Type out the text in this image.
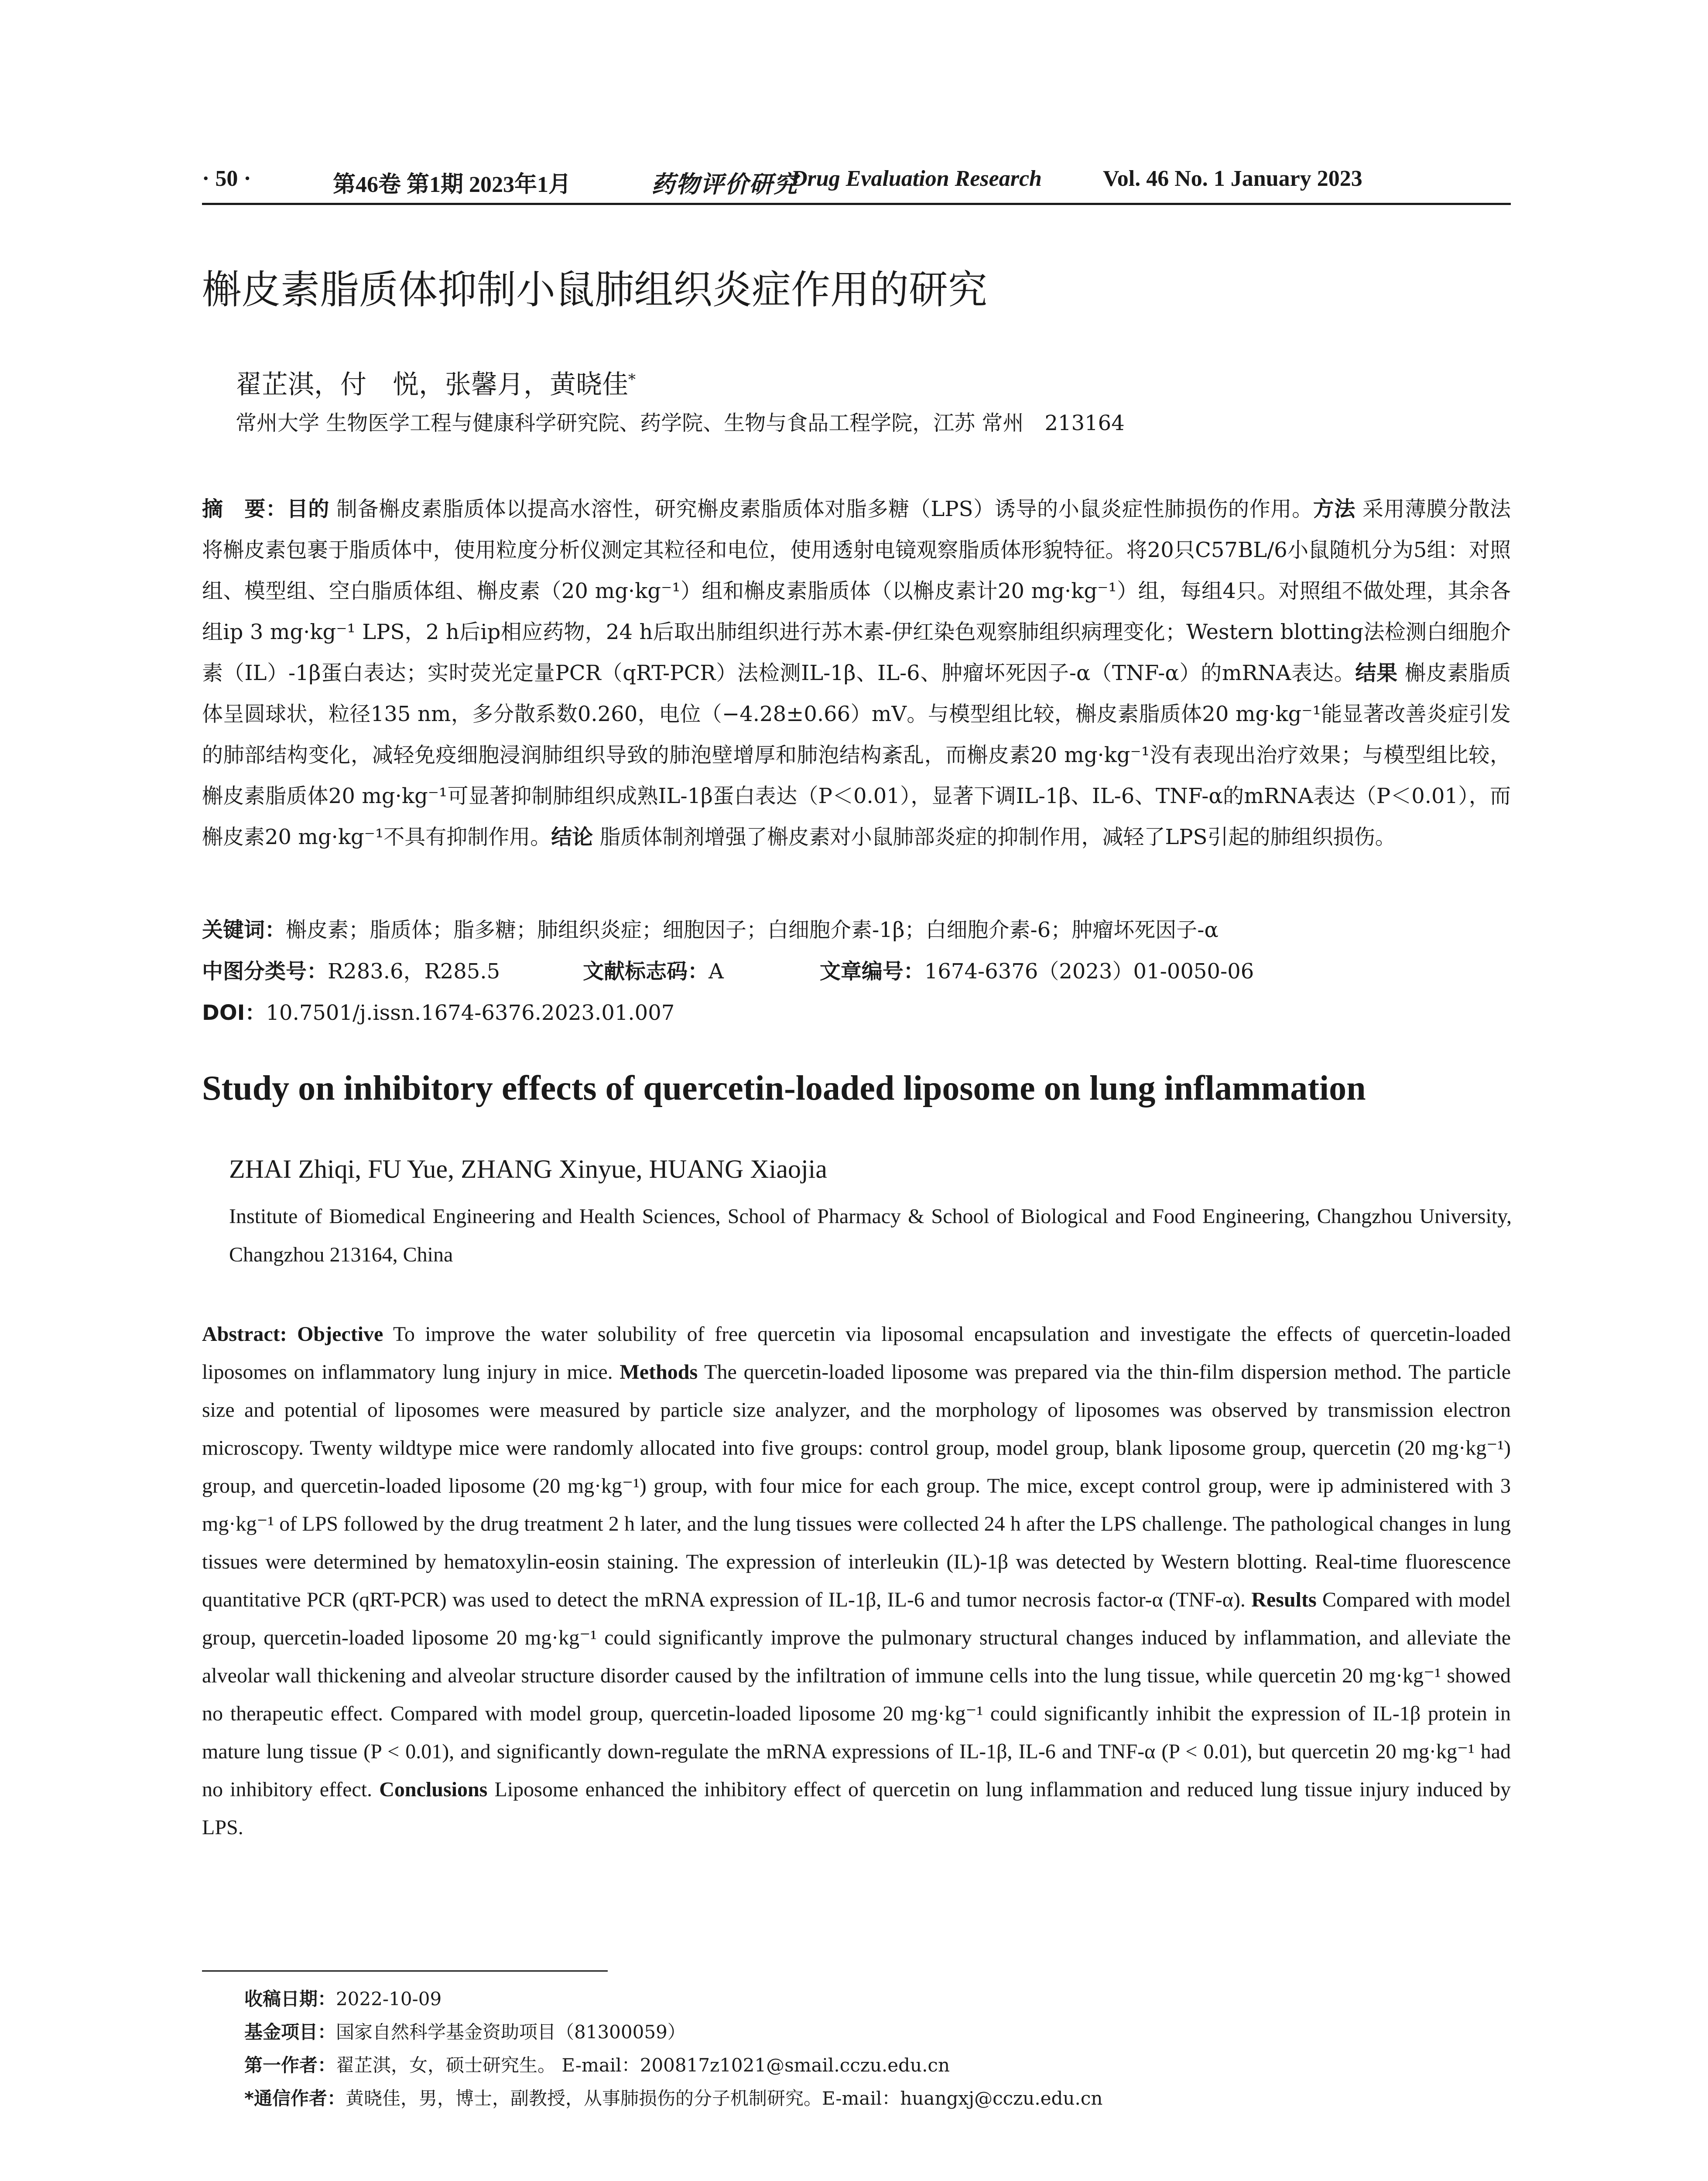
· 50 ·	第46卷 第1期 2023年1月	药物评价研究
Drug Evaluation Research	Vol. 46 No. 1 January 2023
槲皮素脂质体抑制小鼠肺组织炎症作用的研究
翟芷淇，付　悦，张馨月，黄晓佳*
常州大学 生物医学工程与健康科学研究院、药学院、生物与食品工程学院，江苏 常州　213164
摘　要：目的 制备槲皮素脂质体以提高水溶性，研究槲皮素脂质体对脂多糖（LPS）诱导的小鼠炎症性肺损伤的作用。方法 采用薄膜分散法将槲皮素包裹于脂质体中，使用粒度分析仪测定其粒径和电位，使用透射电镜观察脂质体形貌特征。将20只C57BL/6小鼠随机分为5组：对照组、模型组、空白脂质体组、槲皮素（20 mg·kg⁻¹）组和槲皮素脂质体（以槲皮素计20 mg·kg⁻¹）组，每组4只。对照组不做处理，其余各组ip 3 mg·kg⁻¹ LPS，2 h后ip相应药物，24 h后取出肺组织进行苏木素-伊红染色观察肺组织病理变化；Western blotting法检测白细胞介素（IL）-1β蛋白表达；实时荧光定量PCR（qRT-PCR）法检测IL-1β、IL-6、肿瘤坏死因子-α（TNF-α）的mRNA表达。结果 槲皮素脂质体呈圆球状，粒径135 nm，多分散系数0.260，电位（−4.28±0.66）mV。与模型组比较，槲皮素脂质体20 mg·kg⁻¹能显著改善炎症引发的肺部结构变化，减轻免疫细胞浸润肺组织导致的肺泡壁增厚和肺泡结构紊乱，而槲皮素20 mg·kg⁻¹没有表现出治疗效果；与模型组比较，槲皮素脂质体20 mg·kg⁻¹可显著抑制肺组织成熟IL-1β蛋白表达（P＜0.01），显著下调IL-1β、IL-6、TNF-α的mRNA表达（P＜0.01），而槲皮素20 mg·kg⁻¹不具有抑制作用。结论 脂质体制剂增强了槲皮素对小鼠肺部炎症的抑制作用，减轻了LPS引起的肺组织损伤。
关键词：槲皮素；脂质体；脂多糖；肺组织炎症；细胞因子；白细胞介素-1β；白细胞介素-6；肿瘤坏死因子-α
中图分类号：R283.6，R285.5	文献标志码：A	文章编号：1674-6376（2023）01-0050-06
DOI：10.7501/j.issn.1674-6376.2023.01.007
Study on inhibitory effects of quercetin-loaded liposome on lung inflammation
ZHAI Zhiqi, FU Yue, ZHANG Xinyue, HUANG Xiaojia
Institute of Biomedical Engineering and Health Sciences, School of Pharmacy & School of Biological and Food Engineering, Changzhou University, Changzhou 213164, China
Abstract: Objective To improve the water solubility of free quercetin via liposomal encapsulation and investigate the effects of quercetin-loaded liposomes on inflammatory lung injury in mice. Methods The quercetin-loaded liposome was prepared via the thin-film dispersion method. The particle size and potential of liposomes were measured by particle size analyzer, and the morphology of liposomes was observed by transmission electron microscopy. Twenty wildtype mice were randomly allocated into five groups: control group, model group, blank liposome group, quercetin (20 mg·kg⁻¹) group, and quercetin-loaded liposome (20 mg·kg⁻¹) group, with four mice for each group. The mice, except control group, were ip administered with 3 mg·kg⁻¹ of LPS followed by the drug treatment 2 h later, and the lung tissues were collected 24 h after the LPS challenge. The pathological changes in lung tissues were determined by hematoxylin-eosin staining. The expression of interleukin (IL)-1β was detected by Western blotting. Real-time fluorescence quantitative PCR (qRT-PCR) was used to detect the mRNA expression of IL-1β, IL-6 and tumor necrosis factor-α (TNF-α). Results Compared with model group, quercetin-loaded liposome 20 mg·kg⁻¹ could significantly improve the pulmonary structural changes induced by inflammation, and alleviate the alveolar wall thickening and alveolar structure disorder caused by the infiltration of immune cells into the lung tissue, while quercetin 20 mg·kg⁻¹ showed no therapeutic effect. Compared with model group, quercetin-loaded liposome 20 mg·kg⁻¹ could significantly inhibit the expression of IL-1β protein in mature lung tissue (P < 0.01), and significantly down-regulate the mRNA expressions of IL-1β, IL-6 and TNF-α (P < 0.01), but quercetin 20 mg·kg⁻¹ had no inhibitory effect. Conclusions Liposome enhanced the inhibitory effect of quercetin on lung inflammation and reduced lung tissue injury induced by LPS.
收稿日期：2022-10-09
基金项目：国家自然科学基金资助项目（81300059）
第一作者：翟芷淇，女，硕士研究生。 E-mail：200817z1021@smail.cczu.edu.cn
*通信作者：黄晓佳，男，博士，副教授，从事肺损伤的分子机制研究。E-mail：huangxj@cczu.edu.cn
